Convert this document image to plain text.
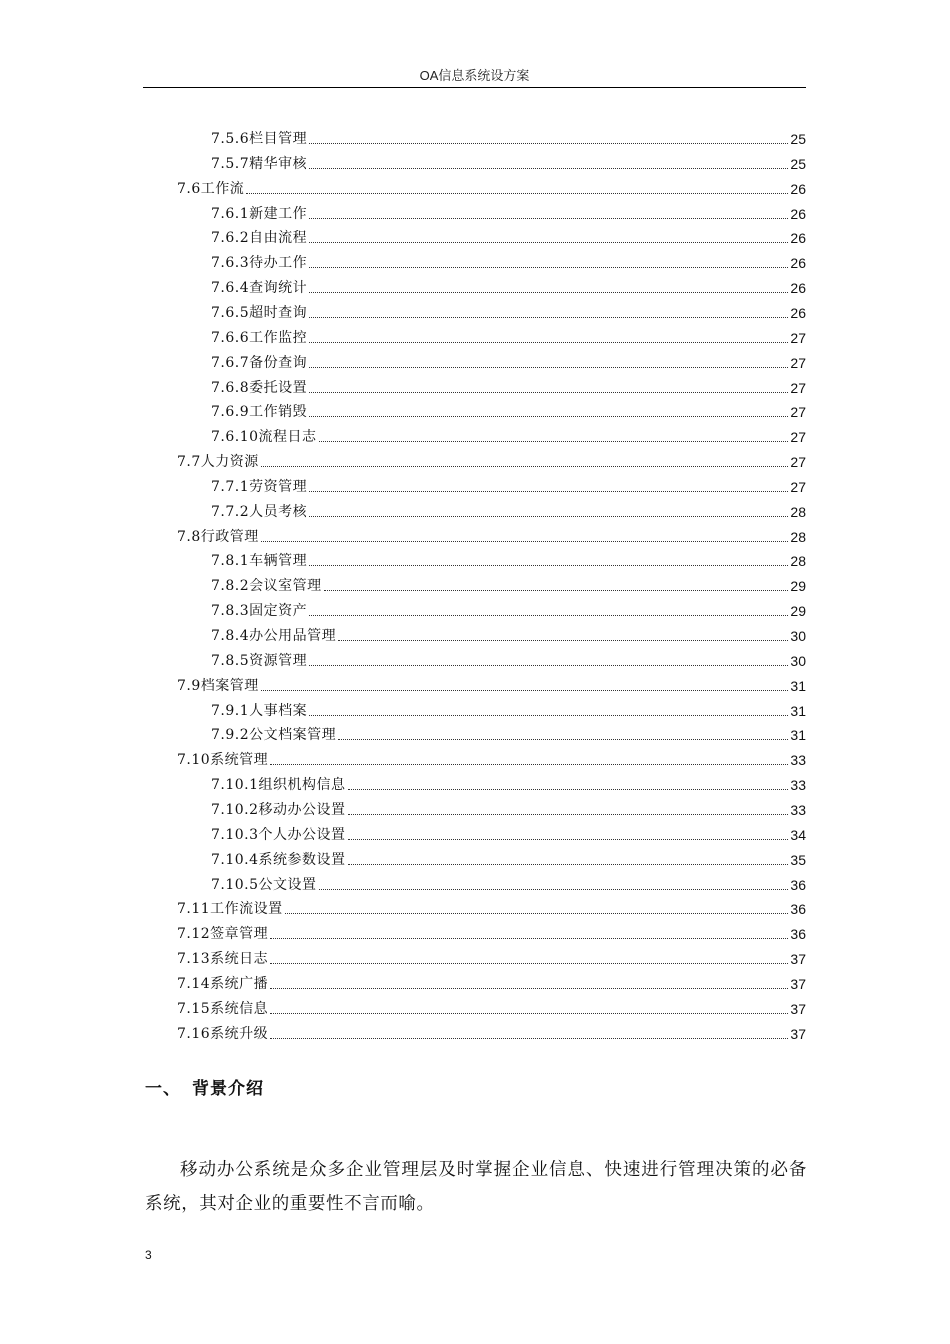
OA信息系统设方案
7.5.6栏目管理	25
7.5.7精华审核	25
7.6工作流	26
7.6.1新建工作	26
7.6.2自由流程	26
7.6.3待办工作	26
7.6.4查询统计	26
7.6.5超时查询	26
7.6.6工作监控	27
7.6.7备份查询	27
7.6.8委托设置	27
7.6.9工作销毁	27
7.6.10流程日志	27
7.7人力资源	27
7.7.1劳资管理	27
7.7.2人员考核	28
7.8行政管理	28
7.8.1车辆管理	28
7.8.2会议室管理	29
7.8.3固定资产	29
7.8.4办公用品管理	30
7.8.5资源管理	30
7.9档案管理	31
7.9.1人事档案	31
7.9.2公文档案管理	31
7.10系统管理	33
7.10.1组织机构信息	33
7.10.2移动办公设置	33
7.10.3个人办公设置	34
7.10.4系统参数设置	35
7.10.5公文设置	36
7.11工作流设置	36
7.12签章管理	36
7.13系统日志	37
7.14系统广播	37
7.15系统信息	37
7.16系统升级	37
一、 背景介绍
移动办公系统是众多企业管理层及时掌握企业信息、快速进行管理决策的必备系统，其对企业的重要性不言而喻。
3
